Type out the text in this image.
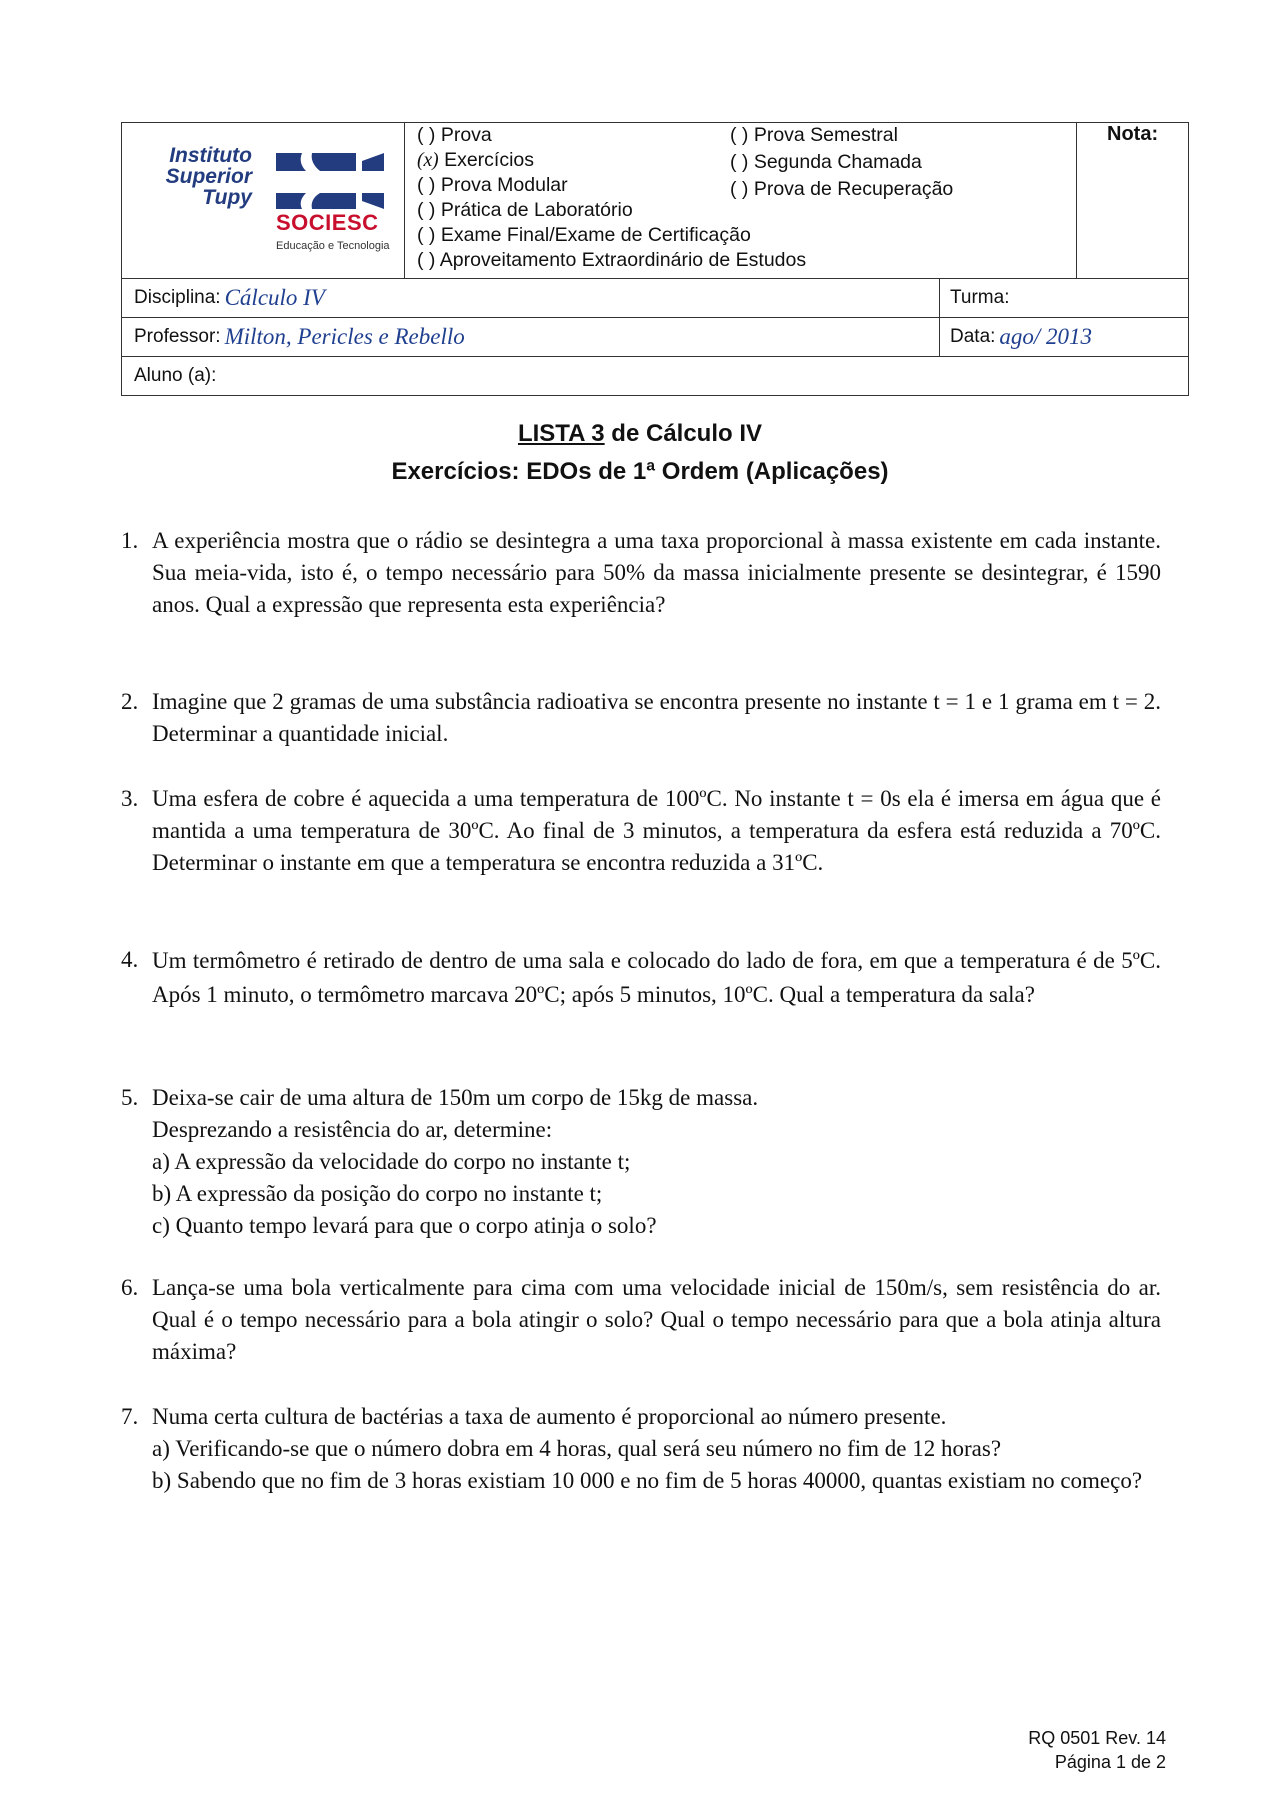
Instituto
Superior
Tupy
SOCIESC
Educação e Tecnologia
( ) Prova
(x) Exercícios
( ) Prova Modular
( ) Prática de Laboratório
( ) Exame Final/Exame de Certificação
( ) Aproveitamento Extraordinário de Estudos
( ) Prova Semestral
( ) Segunda Chamada
( ) Prova de Recuperação
Nota:
Disciplina: Cálculo IV	Turma:
Professor: Milton, Pericles e Rebello	Data: ago/ 2013
Aluno (a):
LISTA 3 de Cálculo IV
Exercícios: EDOs de 1ª Ordem (Aplicações)
1. A experiência mostra que o rádio se desintegra a uma taxa proporcional à massa existente em cada instante. Sua meia-vida, isto é, o tempo necessário para 50% da massa inicialmente presente se desintegrar, é 1590 anos. Qual a expressão que representa esta experiência?
2. Imagine que 2 gramas de uma substância radioativa se encontra presente no instante t = 1 e 1 grama em t = 2. Determinar a quantidade inicial.
3. Uma esfera de cobre é aquecida a uma temperatura de 100ºC. No instante t = 0s ela é imersa em água que é mantida a uma temperatura de 30ºC. Ao final de 3 minutos, a temperatura da esfera está reduzida a 70ºC. Determinar o instante em que a temperatura se encontra reduzida a 31ºC.
4. Um termômetro é retirado de dentro de uma sala e colocado do lado de fora, em que a temperatura é de 5ºC. Após 1 minuto, o termômetro marcava 20ºC; após 5 minutos, 10ºC. Qual a temperatura da sala?
5. Deixa-se cair de uma altura de 150m um corpo de 15kg de massa.
Desprezando a resistência do ar, determine:
a) A expressão da velocidade do corpo no instante t;
b) A expressão da posição do corpo no instante t;
c) Quanto tempo levará para que o corpo atinja o solo?
6. Lança-se uma bola verticalmente para cima com uma velocidade inicial de 150m/s, sem resistência do ar. Qual é o tempo necessário para a bola atingir o solo? Qual o tempo necessário para que a bola atinja altura máxima?
7. Numa certa cultura de bactérias a taxa de aumento é proporcional ao número presente.
a) Verificando-se que o número dobra em 4 horas, qual será seu número no fim de 12 horas?
b) Sabendo que no fim de 3 horas existiam 10 000 e no fim de 5 horas 40000, quantas existiam no começo?
RQ 0501 Rev. 14
Página 1 de 2
